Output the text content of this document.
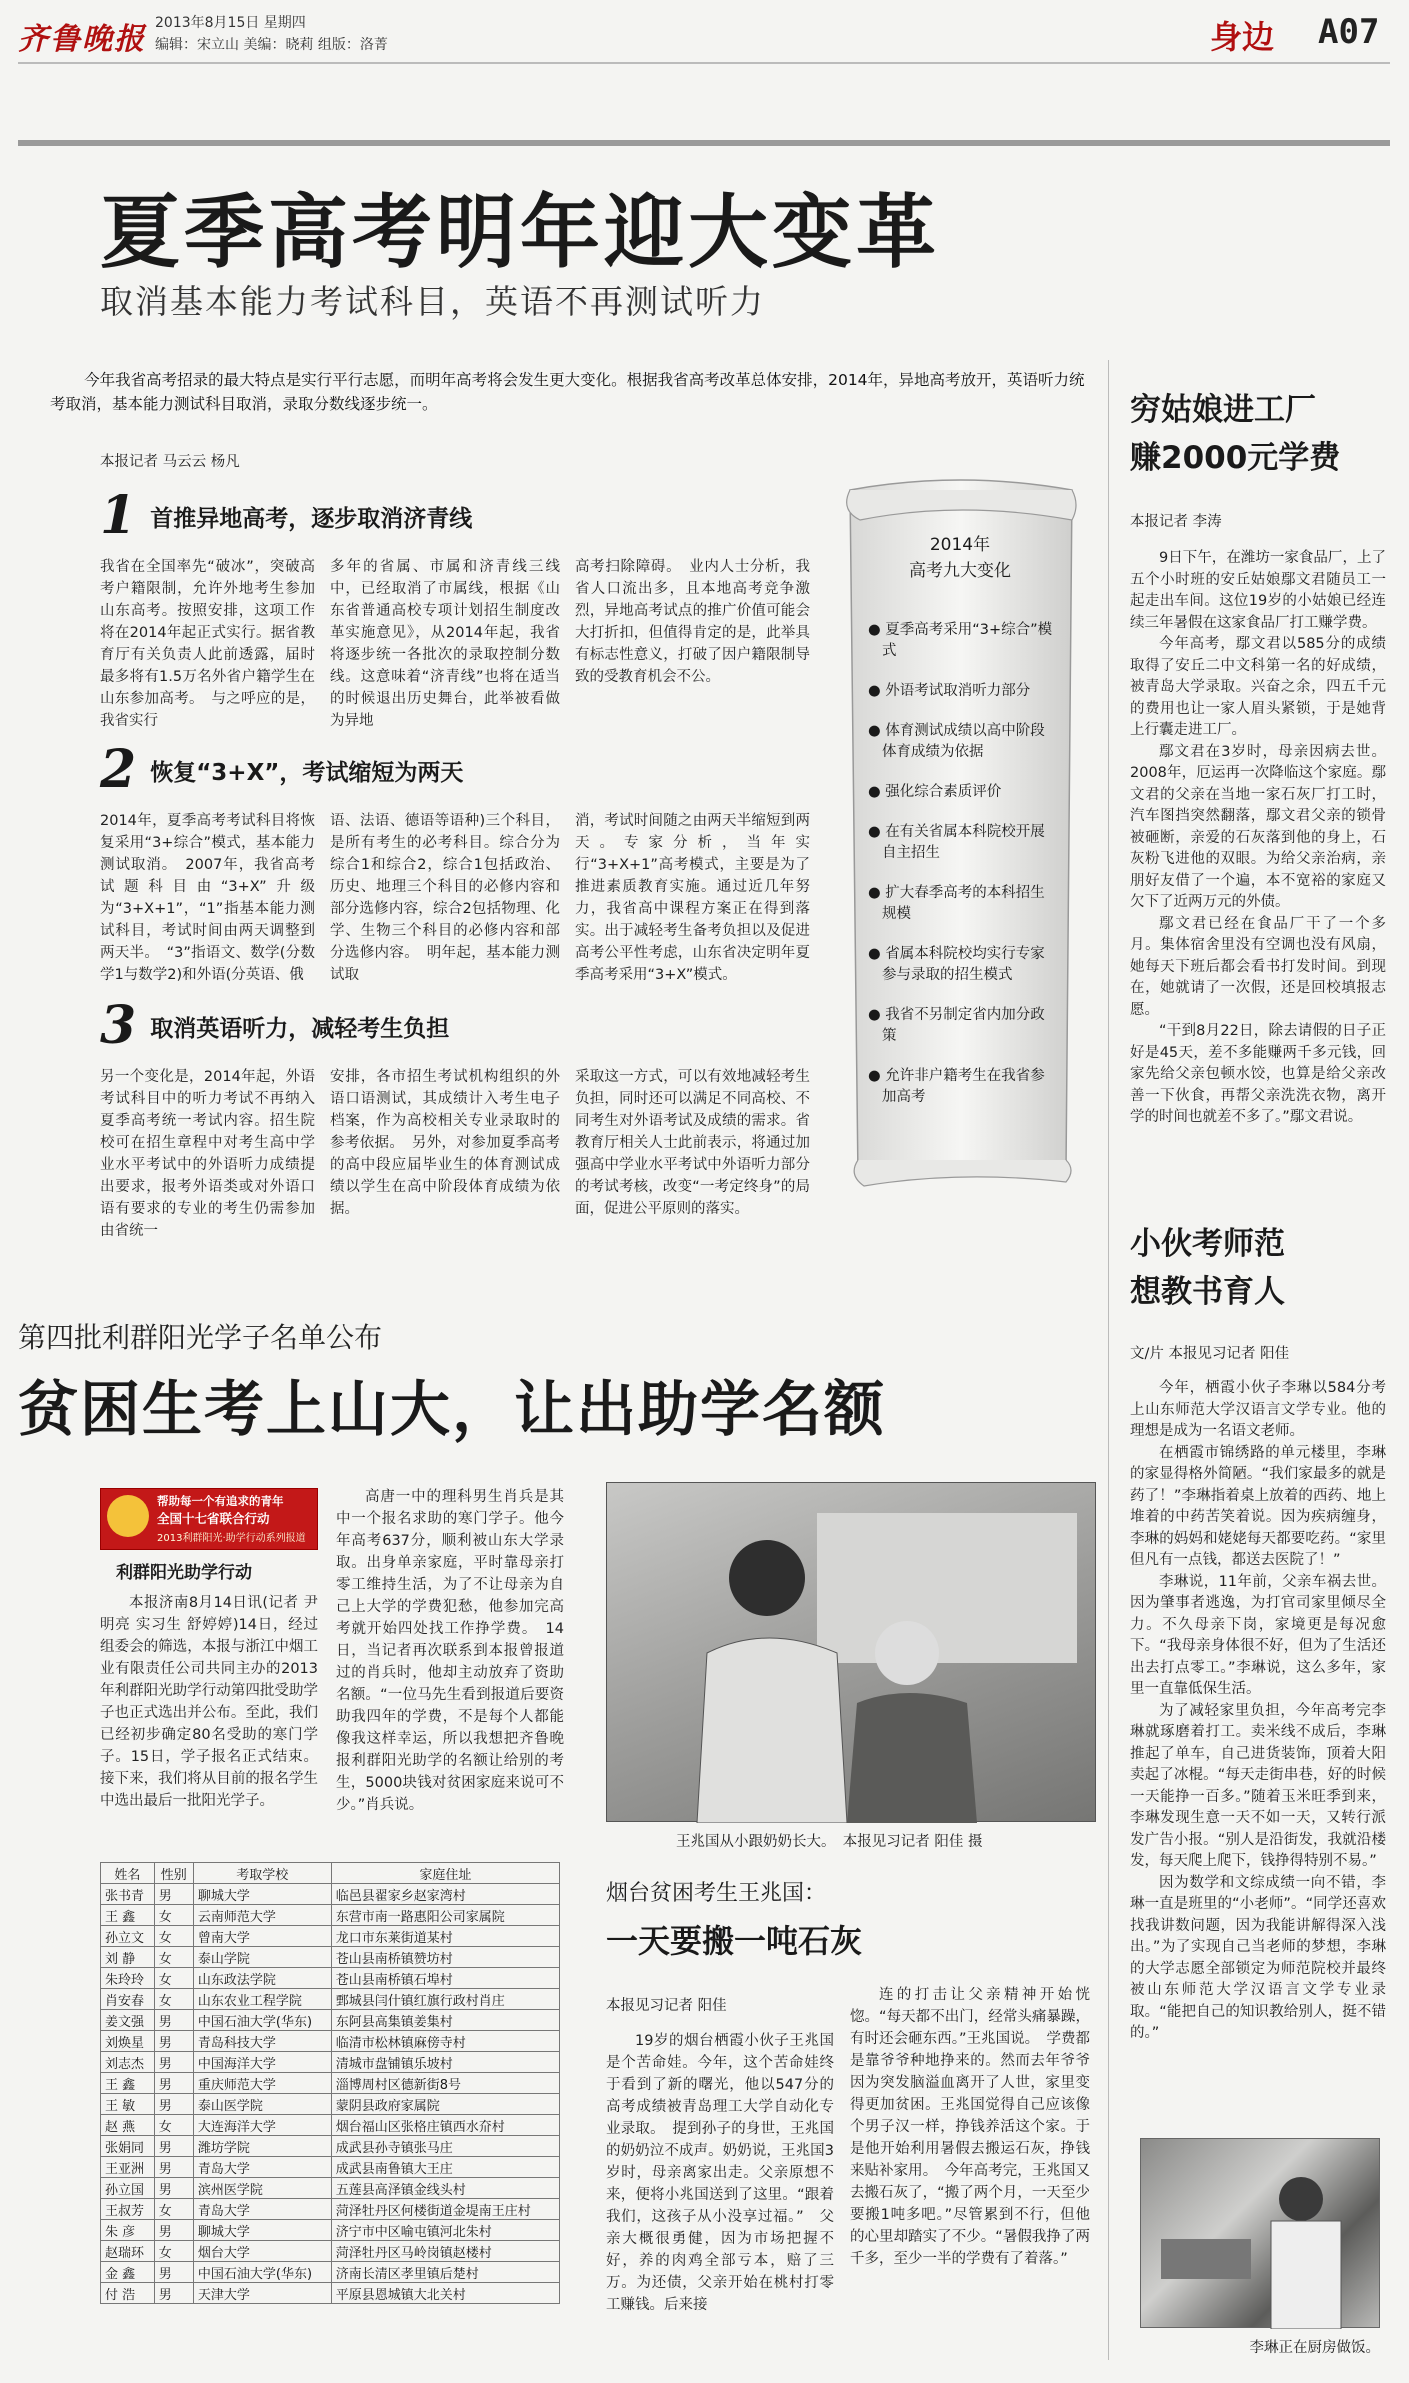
齐鲁晚报 2013年8月15日 星期四
编辑：宋立山 美编：晓莉 组版：洛菁	身边 A07
夏季高考明年迎大变革
取消基本能力考试科目，英语不再测试听力
今年我省高考招录的最大特点是实行平行志愿，而明年高考将会发生更大变化。根据我省高考改革总体安排，2014年，异地高考放开，英语听力统考取消，基本能力测试科目取消，录取分数线逐步统一。
本报记者 马云云 杨凡
1 首推异地高考，逐步取消济青线
我省在全国率先“破冰”，突破高考户籍限制，允许外地考生参加山东高考。按照安排，这项工作将在2014年起正式实行。据省教育厅有关负责人此前透露，届时最多将有1.5万名外省户籍学生在山东参加高考。　与之呼应的是，我省实行
多年的省属、市属和济青线三线中，已经取消了市属线，根据《山东省普通高校专项计划招生制度改革实施意见》，从2014年起，我省将逐步统一各批次的录取控制分数线。这意味着“济青线”也将在适当的时候退出历史舞台，此举被看做为异地
高考扫除障碍。　业内人士分析，我省人口流出多，且本地高考竞争激烈，异地高考试点的推广价值可能会大打折扣，但值得肯定的是，此举具有标志性意义，打破了因户籍限制导致的受教育机会不公。
2 恢复“3+X”，考试缩短为两天
2014年，夏季高考考试科目将恢复采用“3+综合”模式，基本能力测试取消。　2007年，我省高考试题科目由“3+X”升级为“3+X+1”，“1”指基本能力测试科目，考试时间由两天调整到两天半。　“3”指语文、数学(分数学1与数学2)和外语(分英语、俄
语、法语、德语等语种)三个科目，是所有考生的必考科目。综合分为综合1和综合2，综合1包括政治、历史、地理三个科目的必修内容和部分选修内容，综合2包括物理、化学、生物三个科目的必修内容和部分选修内容。　明年起，基本能力测试取
消，考试时间随之由两天半缩短到两天。专家分析，当年实行“3+X+1”高考模式，主要是为了推进素质教育实施。通过近几年努力，我省高中课程方案正在得到落实。出于减轻考生备考负担以及促进高考公平性考虑，山东省决定明年夏季高考采用“3+X”模式。
3 取消英语听力，减轻考生负担
另一个变化是，2014年起，外语考试科目中的听力考试不再纳入夏季高考统一考试内容。招生院校可在招生章程中对考生高中学业水平考试中的外语听力成绩提出要求，报考外语类或对外语口语有要求的专业的考生仍需参加由省统一
安排，各市招生考试机构组织的外语口语测试，其成绩计入考生电子档案，作为高校相关专业录取时的参考依据。　另外，对参加夏季高考的高中段应届毕业生的体育测试成绩以学生在高中阶段体育成绩为依据。
采取这一方式，可以有效地减轻考生负担，同时还可以满足不同高校、不同考生对外语考试及成绩的需求。省教育厅相关人士此前表示，将通过加强高中学业水平考试中外语听力部分的考试考核，改变“一考定终身”的局面，促进公平原则的落实。
2014年
高考九大变化
● 夏季高考采用“3+综合”模式
● 外语考试取消听力部分
● 体育测试成绩以高中阶段体育成绩为依据
● 强化综合素质评价
● 在有关省属本科院校开展自主招生
● 扩大春季高考的本科招生规模
● 省属本科院校均实行专家参与录取的招生模式
● 我省不另制定省内加分政策
● 允许非户籍考生在我省参加高考
穷姑娘进工厂
赚2000元学费
本报记者 李涛

9日下午，在潍坊一家食品厂，上了五个小时班的安丘姑娘鄢文君随员工一起走出车间。这位19岁的小姑娘已经连续三年暑假在这家食品厂打工赚学费。

今年高考，鄢文君以585分的成绩取得了安丘二中文科第一名的好成绩，被青岛大学录取。兴奋之余，四五千元的费用也让一家人眉头紧锁，于是她背上行囊走进工厂。

鄢文君在3岁时，母亲因病去世。2008年，厄运再一次降临这个家庭。鄢文君的父亲在当地一家石灰厂打工时，汽车图挡突然翻落，鄢文君父亲的锁骨被砸断，亲爱的石灰落到他的身上，石灰粉飞进他的双眼。为给父亲治病，亲朋好友借了一个遍，本不宽裕的家庭又欠下了近两万元的外债。

鄢文君已经在食品厂干了一个多月。集体宿舍里没有空调也没有风扇，她每天下班后都会看书打发时间。到现在，她就请了一次假，还是回校填报志愿。

“干到8月22日，除去请假的日子正好是45天，差不多能赚两千多元钱，回家先给父亲包顿水饺，也算是给父亲改善一下伙食，再帮父亲洗洗衣物，离开学的时间也就差不多了。”鄢文君说。

小伙考师范
想教书育人
文/片 本报见习记者 阳佳

今年，栖霞小伙子李琳以584分考上山东师范大学汉语言文学专业。他的理想是成为一名语文老师。

在栖霞市锦绣路的单元楼里，李琳的家显得格外简陋。“我们家最多的就是药了！”李琳指着桌上放着的西药、地上堆着的中药苦笑着说。因为疾病缠身，李琳的妈妈和姥姥每天都要吃药。“家里但凡有一点钱，都送去医院了！”

李琳说，11年前，父亲车祸去世。因为肇事者逃逸，为打官司家里倾尽全力。不久母亲下岗，家境更是每况愈下。“我母亲身体很不好，但为了生活还出去打点零工。”李琳说，这么多年，家里一直靠低保生活。

为了减轻家里负担，今年高考完李琳就琢磨着打工。卖米线不成后，李琳推起了单车，自己进货装饰，顶着大阳卖起了冰棍。“每天走街串巷，好的时候一天能挣一百多。”随着玉米旺季到来，李琳发现生意一天不如一天，又转行派发广告小报。“别人是沿街发，我就沿楼发，每天爬上爬下，钱挣得特别不易。”

因为数学和文综成绩一向不错，李琳一直是班里的“小老师”。“同学还喜欢找我讲数问题，因为我能讲解得深入浅出。”为了实现自己当老师的梦想，李琳的大学志愿全部锁定为师范院校并最终被山东师范大学汉语言文学专业录取。“能把自己的知识教给别人，挺不错的。”

李琳正在厨房做饭。
第四批利群阳光学子名单公布
贫困生考上山大，让出助学名额
帮助每一个有追求的青年
全国十七省联合行动
2013利群阳光·助学行动系列报道
利群阳光助学行动
本报济南8月14日讯(记者 尹明亮 实习生 舒婷婷)14日，经过组委会的筛选，本报与浙江中烟工业有限责任公司共同主办的2013年利群阳光助学行动第四批受助学子也正式选出并公布。至此，我们已经初步确定80名受助的寒门学子。15日，学子报名正式结束。接下来，我们将从目前的报名学生中选出最后一批阳光学子。
高唐一中的理科男生肖兵是其中一个报名求助的寒门学子。他今年高考637分，顺利被山东大学录取。出身单亲家庭，平时靠母亲打零工维持生活，为了不让母亲为自己上大学的学费犯愁，他参加完高考就开始四处找工作挣学费。　14日，当记者再次联系到本报曾报道过的肖兵时，他却主动放弃了资助名额。“一位马先生看到报道后要资助我四年的学费，不是每个人都能像我这样幸运，所以我想把齐鲁晚报利群阳光助学的名额让给别的考生，5000块钱对贫困家庭来说可不少。”肖兵说。
王兆国从小跟奶奶长大。　本报见习记者 阳佳 摄
姓名	性别	考取学校	家庭住址
张书青	男	聊城大学	临邑县翟家乡赵家湾村
王 鑫	女	云南师范大学	东营市南一路惠阳公司家属院
孙立文	女	曾南大学	龙口市东莱街道某村
刘 静	女	泰山学院	苍山县南桥镇赞坊村
朱玲玲	女	山东政法学院	苍山县南桥镇石埠村
肖安春	女	山东农业工程学院	鄄城县闫什镇红旗行政村肖庄
姜文强	男	中国石油大学(华东)	东阿县高集镇姜集村
刘焕星	男	青岛科技大学	临清市松林镇麻傍寺村
刘志杰	男	中国海洋大学	清城市盘铺镇乐坡村
王 鑫	男	重庆师范大学	淄博周村区德新街8号
王 敏	男	泰山医学院	蒙阴县政府家属院
赵 燕	女	大连海洋大学	烟台福山区张格庄镇西水夼村
张娟同	男	潍坊学院	成武县孙寺镇张马庄
王亚洲	男	青岛大学	成武县南鲁镇大王庄
孙立国	男	滨州医学院	五莲县高泽镇金线头村
王叔芳	女	青岛大学	菏泽牡丹区何楼街道金堤南王庄村
朱 彦	男	聊城大学	济宁市中区喻屯镇河北朱村
赵瑞环	女	烟台大学	菏泽牡丹区马岭岗镇赵楼村
金 鑫	男	中国石油大学(华东)	济南长清区孝里镇后楚村
付 浩	男	天津大学	平原县恩城镇大北关村
烟台贫困考生王兆国：
一天要搬一吨石灰
本报见习记者 阳佳
19岁的烟台栖霞小伙子王兆国是个苦命娃。今年，这个苦命娃终于看到了新的曙光，他以547分的高考成绩被青岛理工大学自动化专业录取。　提到孙子的身世，王兆国的奶奶泣不成声。奶奶说，王兆国3岁时，母亲离家出走。父亲原想不来，便将小兆国送到了这里。“跟着我们，这孩子从小没享过福。”　父亲大概很勇健，因为市场把握不好，养的肉鸡全部亏本，赔了三万。为还债，父亲开始在桃村打零工赚钱。后来接
连的打击让父亲精神开始恍惚。“每天都不出门，经常头痛暴躁，有时还会砸东西。”王兆国说。　学费都是靠爷爷种地挣来的。然而去年爷爷因为突发脑溢血离开了人世，家里变得更加贫困。王兆国觉得自己应该像个男子汉一样，挣钱养活这个家。于是他开始利用暑假去搬运石灰，挣钱来贴补家用。　今年高考完，王兆国又去搬石灰了，“搬了两个月，一天至少要搬1吨多吧。”尽管累到不行，但他的心里却踏实了不少。“暑假我挣了两千多，至少一半的学费有了着落。”
